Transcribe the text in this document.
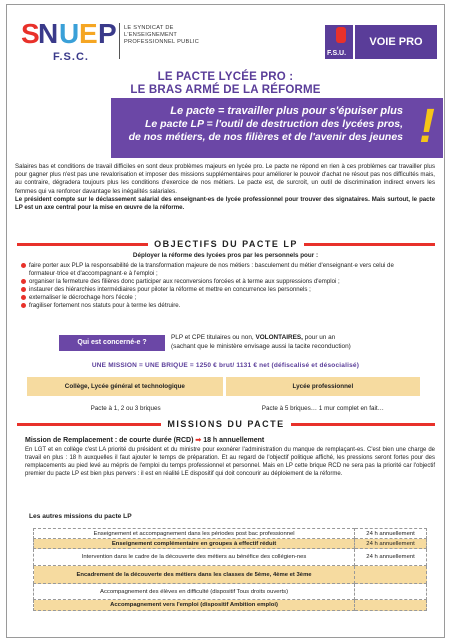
S
N U E P
F.S.C.
LE SYNDICAT DE L'ENSEIGNEMENT PROFESSIONNEL PUBLIC
F.S.U.
VOIE PRO
LE PACTE LYCÉE PRO :
LE BRAS ARMÉ DE LA RÉFORME
Le pacte = travailler plus pour s'épuiser plus
Le pacte LP = l'outil de destruction des lycées pros,
de nos métiers, de nos filières et de l'avenir des jeunes !

Salaires bas et conditions de travail difficiles en sont deux problèmes majeurs en lycée pro. Le pacte ne répond en rien à ces problèmes car travailler plus pour gagner plus n'est pas une revalorisation et imposer des missions supplémentaires pour améliorer le pouvoir d'achat ne résout pas nos difficultés mais, au contraire, dégradera toujours plus les conditions d'exercice de nos métiers. Le pacte est, de surcroît, un outil de discrimination indirect envers les femmes qui va renforcer davantage les inégalités salariales.

Le président compte sur le déclassement salarial des enseignant-es de lycée professionnel pour trouver des signataires. Mais surtout, le pacte LP est un axe central pour la mise en œuvre de la réforme.

OBJECTIFS DU PACTE LP
Déployer la réforme des lycées pros par les personnels pour :
faire porter aux PLP la responsabilité de la transformation majeure de nos métiers : basculement du métier d'enseignant·e vers celui de formateur·trice et d'accompagnant·e à l'emploi ;
organiser la fermeture des filières donc participer aux reconversions forcées et à terme aux suppressions d'emploi ;
instaurer des hiérarchies intermédiaires pour piloter la réforme et mettre en concurrence les personnels ;
externaliser le décrochage hors l'école ;
fragiliser fortement nos statuts pour à terme les détruire.
Qui est concerné-e ?
PLP et CPE titulaires ou non, VOLONTAIRES, pour un an
(sachant que le ministère envisage aussi la tacite reconduction)
UNE MISSION = UNE BRIQUE = 1250 € brut/ 1131 € net (défiscalisé et désocialisé)
Collège, Lycée général et technologique	Lycée professionnel
Pacte à 1, 2 ou 3 briques	Pacte à 5 briques… 1 mur complet en fait…
MISSIONS DU PACTE
Mission de Remplacement : de courte durée (RCD) ➡ 18 h annuellement
En LGT et en collège c'est LA priorité du président et du ministre pour exonérer l'administration du manque de remplaçant-es. C'est bien une charge de travail en plus : 18 h auxquelles il faut ajouter le temps de préparation. Et au regard de l'objectif politique affiché, les pressions seront fortes pour des remplacements au pied levé au mépris de l'emploi du temps professionnel et personnel. Mais en LP cette brique RCD ne sera pas la priorité car l'objectif premier du pacte LP est bien plus pervers : il est en réalité LE dispositif qui doit concourir au déploiement de la réforme.
Les autres missions du pacte LP
Enseignement et accompagnement dans les périodes post bac professionnel	24 h annuellement
Enseignement complémentaire en groupes à effectif réduit	24 h annuellement
Intervention dans le cadre de la découverte des métiers au bénéfice des collégien-nes	24 h annuellement
Encadrement de la découverte des métiers dans les classes de 5ème, 4ème et 3ème	
Accompagnement des élèves en difficulté (dispositif Tous droits ouverts)	
Accompagnement vers l'emploi (dispositif Ambition emploi)	
